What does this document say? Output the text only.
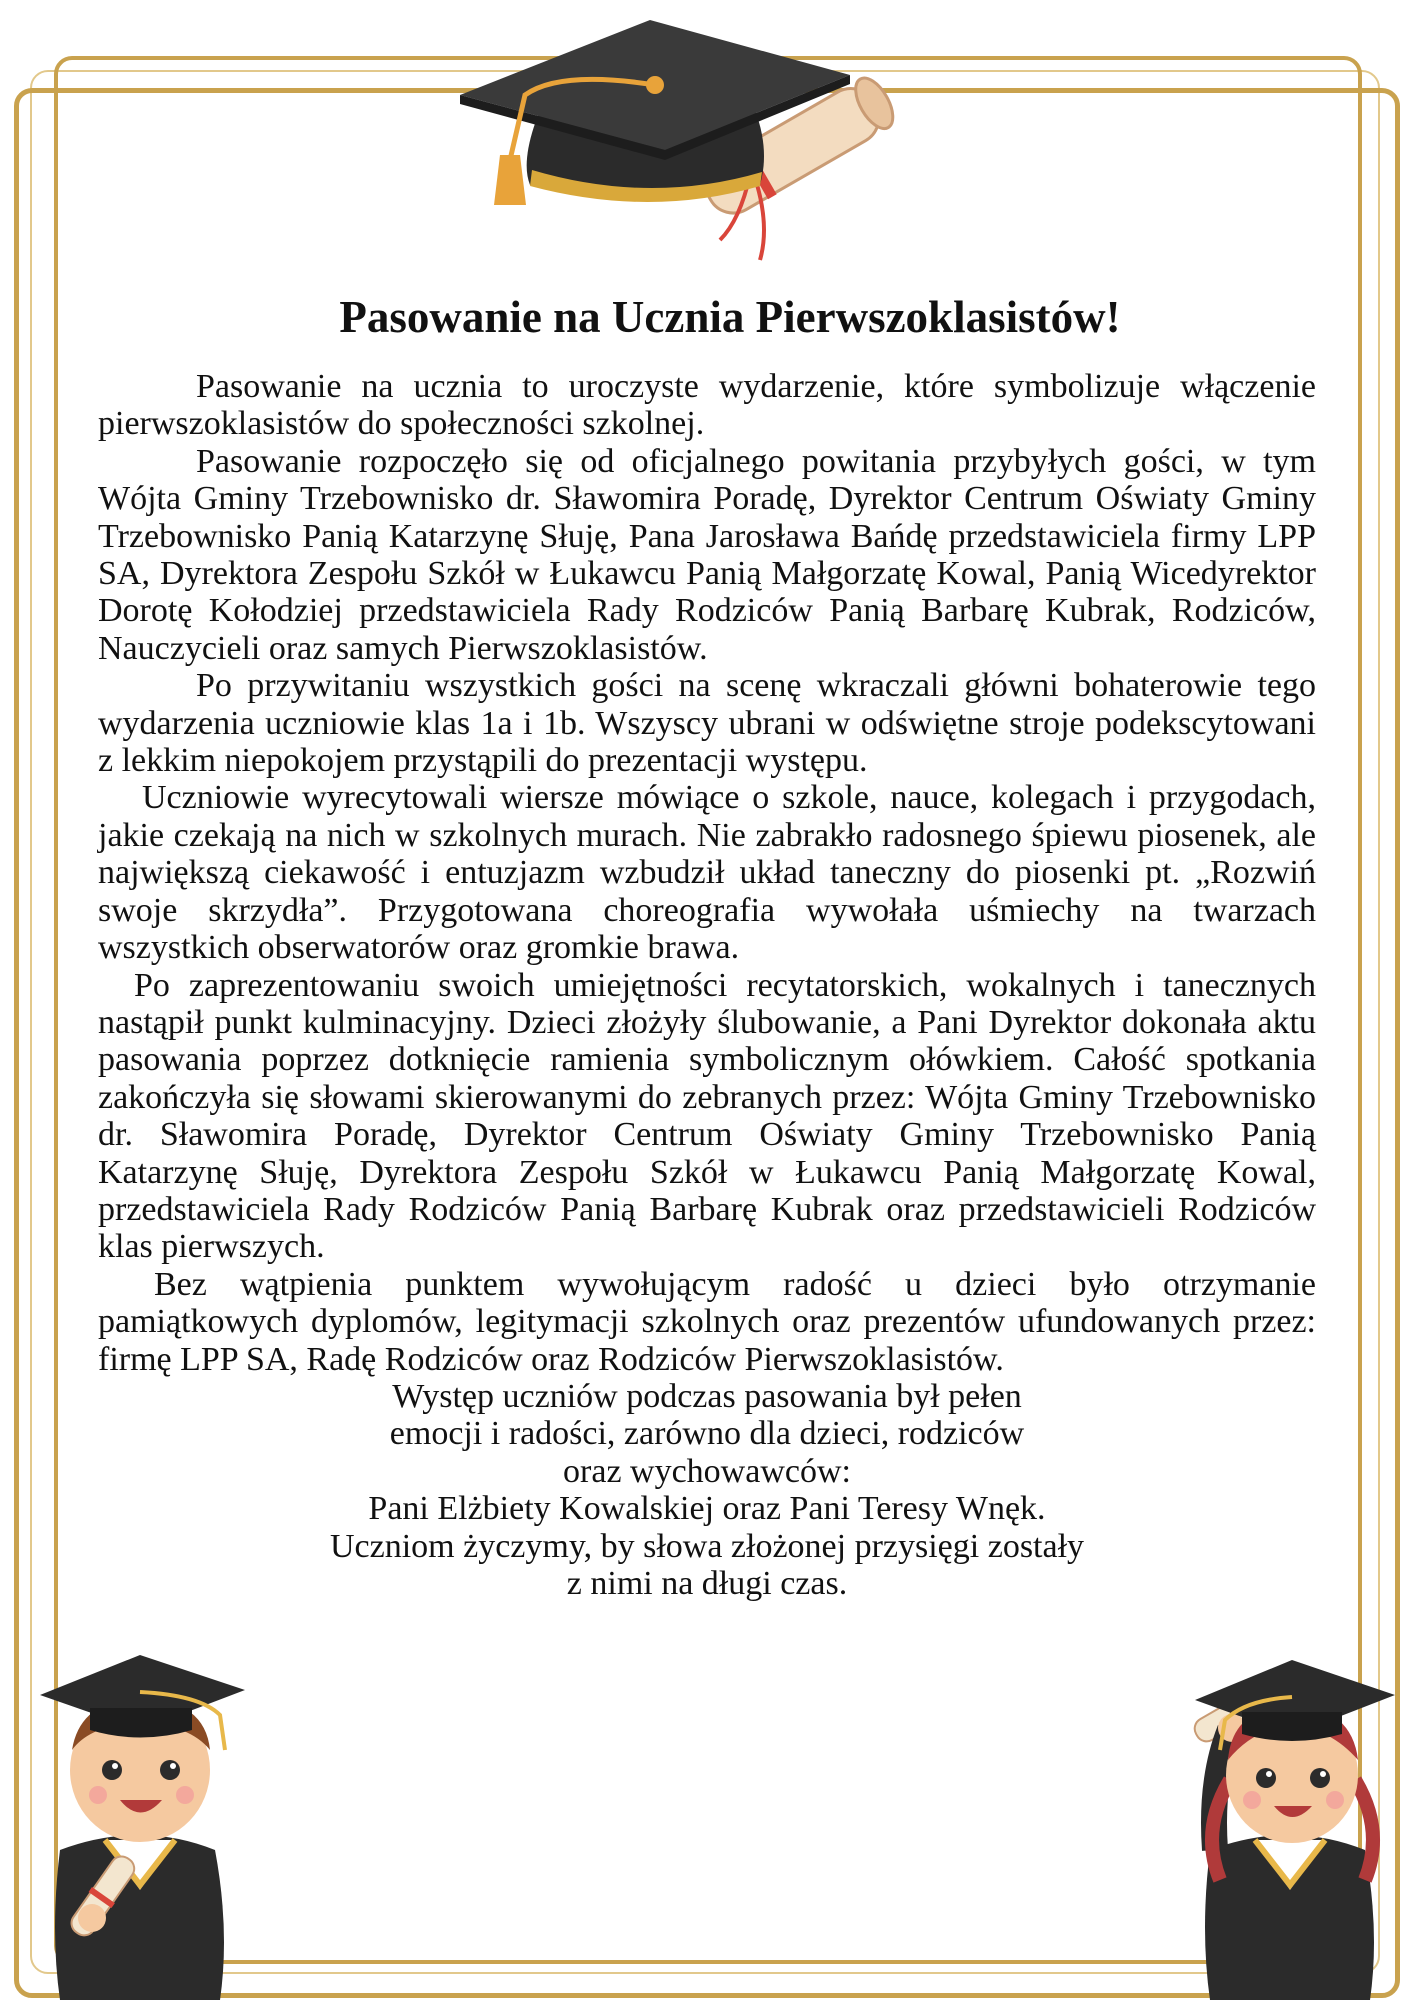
Pasowanie na Ucznia Pierwszoklasistów!

Pasowanie na ucznia to uroczyste wydarzenie, które symbolizuje włączenie pierwszoklasistów do społeczności szkolnej.

Pasowanie rozpoczęło się od oficjalnego powitania przybyłych gości, w tym Wójta Gminy Trzebownisko dr. Sławomira Poradę, Dyrektor Centrum Oświaty Gminy Trzebownisko Panią Katarzynę Słuję, Pana Jarosława Bańdę przedstawiciela firmy LPP SA, Dyrektora Zespołu Szkół w Łukawcu Panią Małgorzatę Kowal, Panią Wicedyrektor Dorotę Kołodziej przedstawiciela Rady Rodziców Panią Barbarę Kubrak, Rodziców, Nauczycieli oraz samych Pierwszoklasistów.

Po przywitaniu wszystkich gości na scenę wkraczali główni bohaterowie tego wydarzenia uczniowie klas 1a i 1b. Wszyscy ubrani w odświętne stroje podekscytowani z lekkim niepokojem przystąpili do prezentacji występu.

Uczniowie wyrecytowali wiersze mówiące o szkole, nauce, kolegach i przygodach, jakie czekają na nich w szkolnych murach. Nie zabrakło radosnego śpiewu piosenek, ale największą ciekawość i entuzjazm wzbudził układ taneczny do piosenki pt. „Rozwiń swoje skrzydła”. Przygotowana choreografia wywołała uśmiechy na twarzach wszystkich obserwatorów oraz gromkie brawa.

Po zaprezentowaniu swoich umiejętności recytatorskich, wokalnych i tanecznych nastąpił punkt kulminacyjny. Dzieci złożyły ślubowanie, a Pani Dyrektor dokonała aktu pasowania poprzez dotknięcie ramienia symbolicznym ołówkiem. Całość spotkania zakończyła się słowami skierowanymi do zebranych przez: Wójta Gminy Trzebownisko dr. Sławomira Poradę, Dyrektor Centrum Oświaty Gminy Trzebownisko Panią Katarzynę Słuję, Dyrektora Zespołu Szkół w Łukawcu Panią Małgorzatę Kowal, przedstawiciela Rady Rodziców Panią Barbarę Kubrak oraz przedstawicieli Rodziców klas pierwszych.

Bez wątpienia punktem wywołującym radość u dzieci było otrzymanie pamiątkowych dyplomów, legitymacji szkolnych oraz prezentów ufundowanych przez: firmę LPP SA, Radę Rodziców oraz Rodziców Pierwszoklasistów.

Występ uczniów podczas pasowania był pełen
emocji i radości, zarówno dla dzieci, rodziców
oraz wychowawców:
Pani Elżbiety Kowalskiej oraz Pani Teresy Wnęk.
Uczniom życzymy, by słowa złożonej przysięgi zostały
z nimi na długi czas.
